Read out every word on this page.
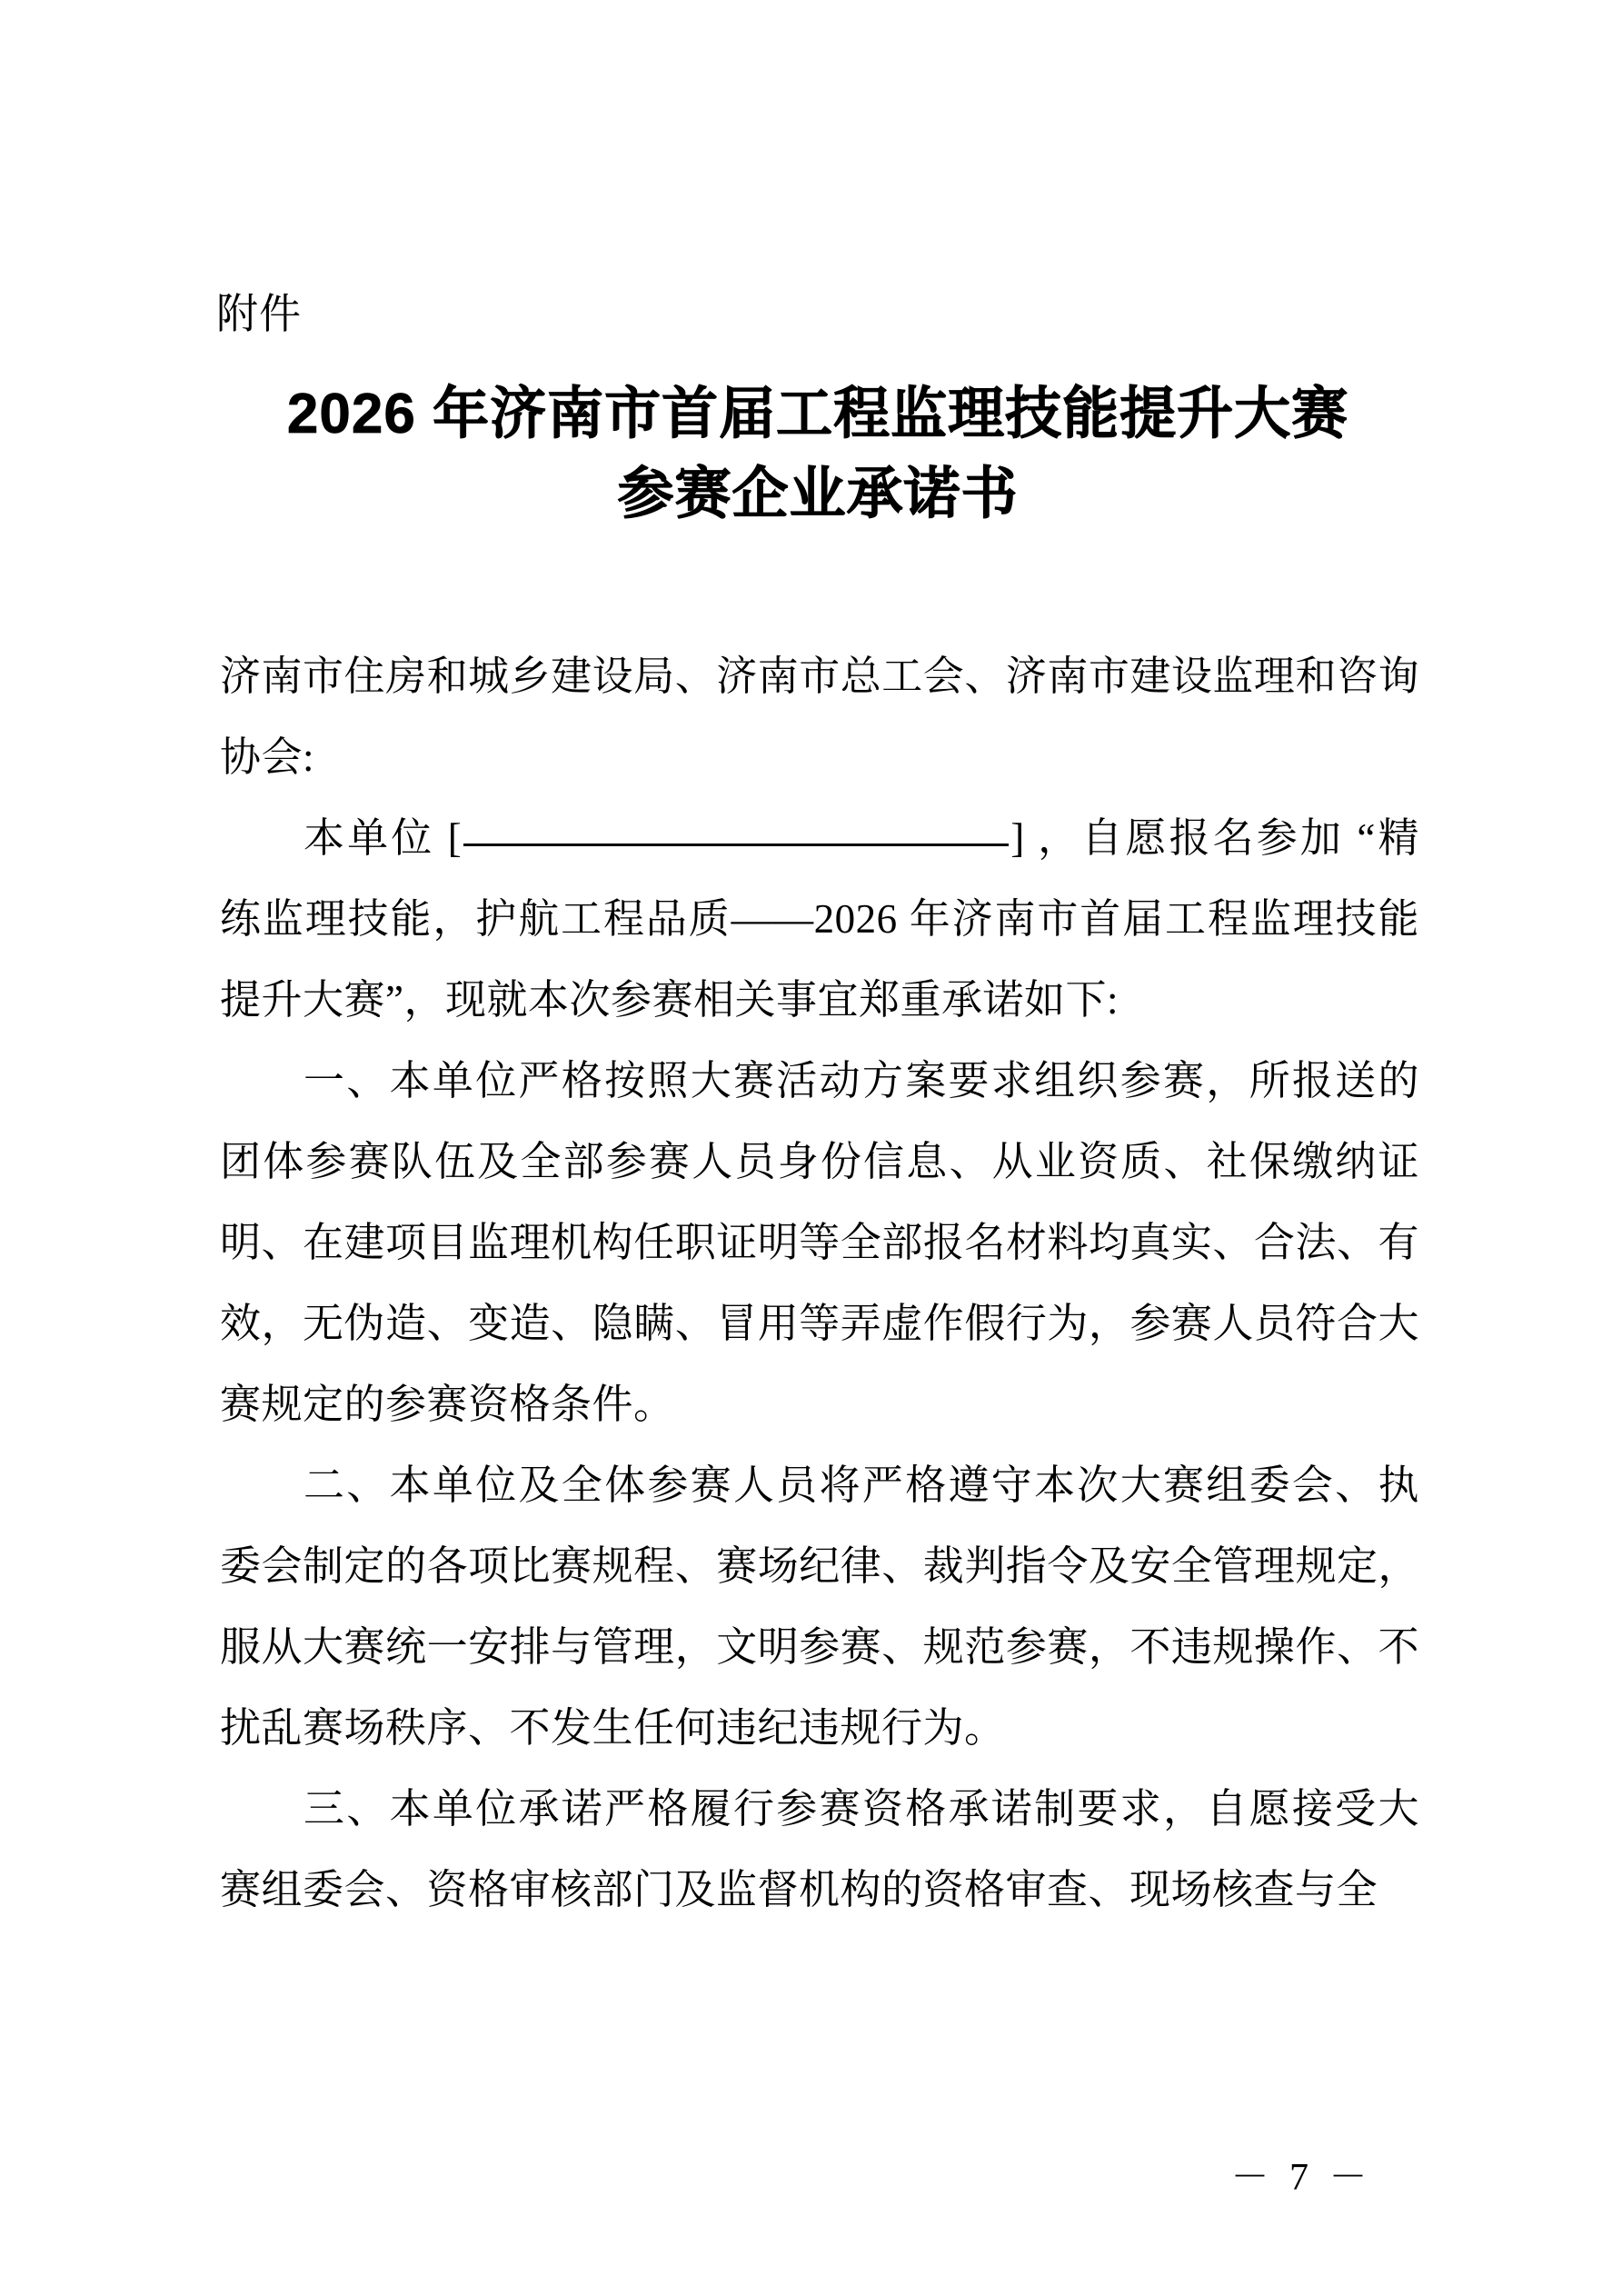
附件
2026 年济南市首届工程监理技能提升大赛
参赛企业承诺书

济南市住房和城乡建设局、济南市总工会、济南市建设监理和咨询协会:

本单位 [	] ，自愿报名参加 “精练监理技能，护航工程品质——2026 年济南市首届工程监理技能提升大赛”，现就本次参赛相关事宜郑重承诺如下:

一、本单位严格按照大赛活动方案要求组织参赛，所报送的团体参赛队伍及全部参赛人员身份信息、从业资质、社保缴纳证明、在建项目监理机构任职证明等全部报名材料均真实、合法、有效，无伪造、变造、隐瞒、冒用等弄虚作假行为，参赛人员符合大赛规定的参赛资格条件。

二、本单位及全体参赛人员将严格遵守本次大赛组委会、执委会制定的各项比赛规程、赛场纪律、裁判指令及安全管理规定，服从大赛统一安排与管理，文明参赛、规范参赛，不违规操作、不扰乱赛场秩序、不发生任何违纪违规行为。

三、本单位承诺严格履行参赛资格承诺制要求，自愿接受大赛组委会、资格审核部门及监督机构的资格审查、现场核查与全

－ 7 －
